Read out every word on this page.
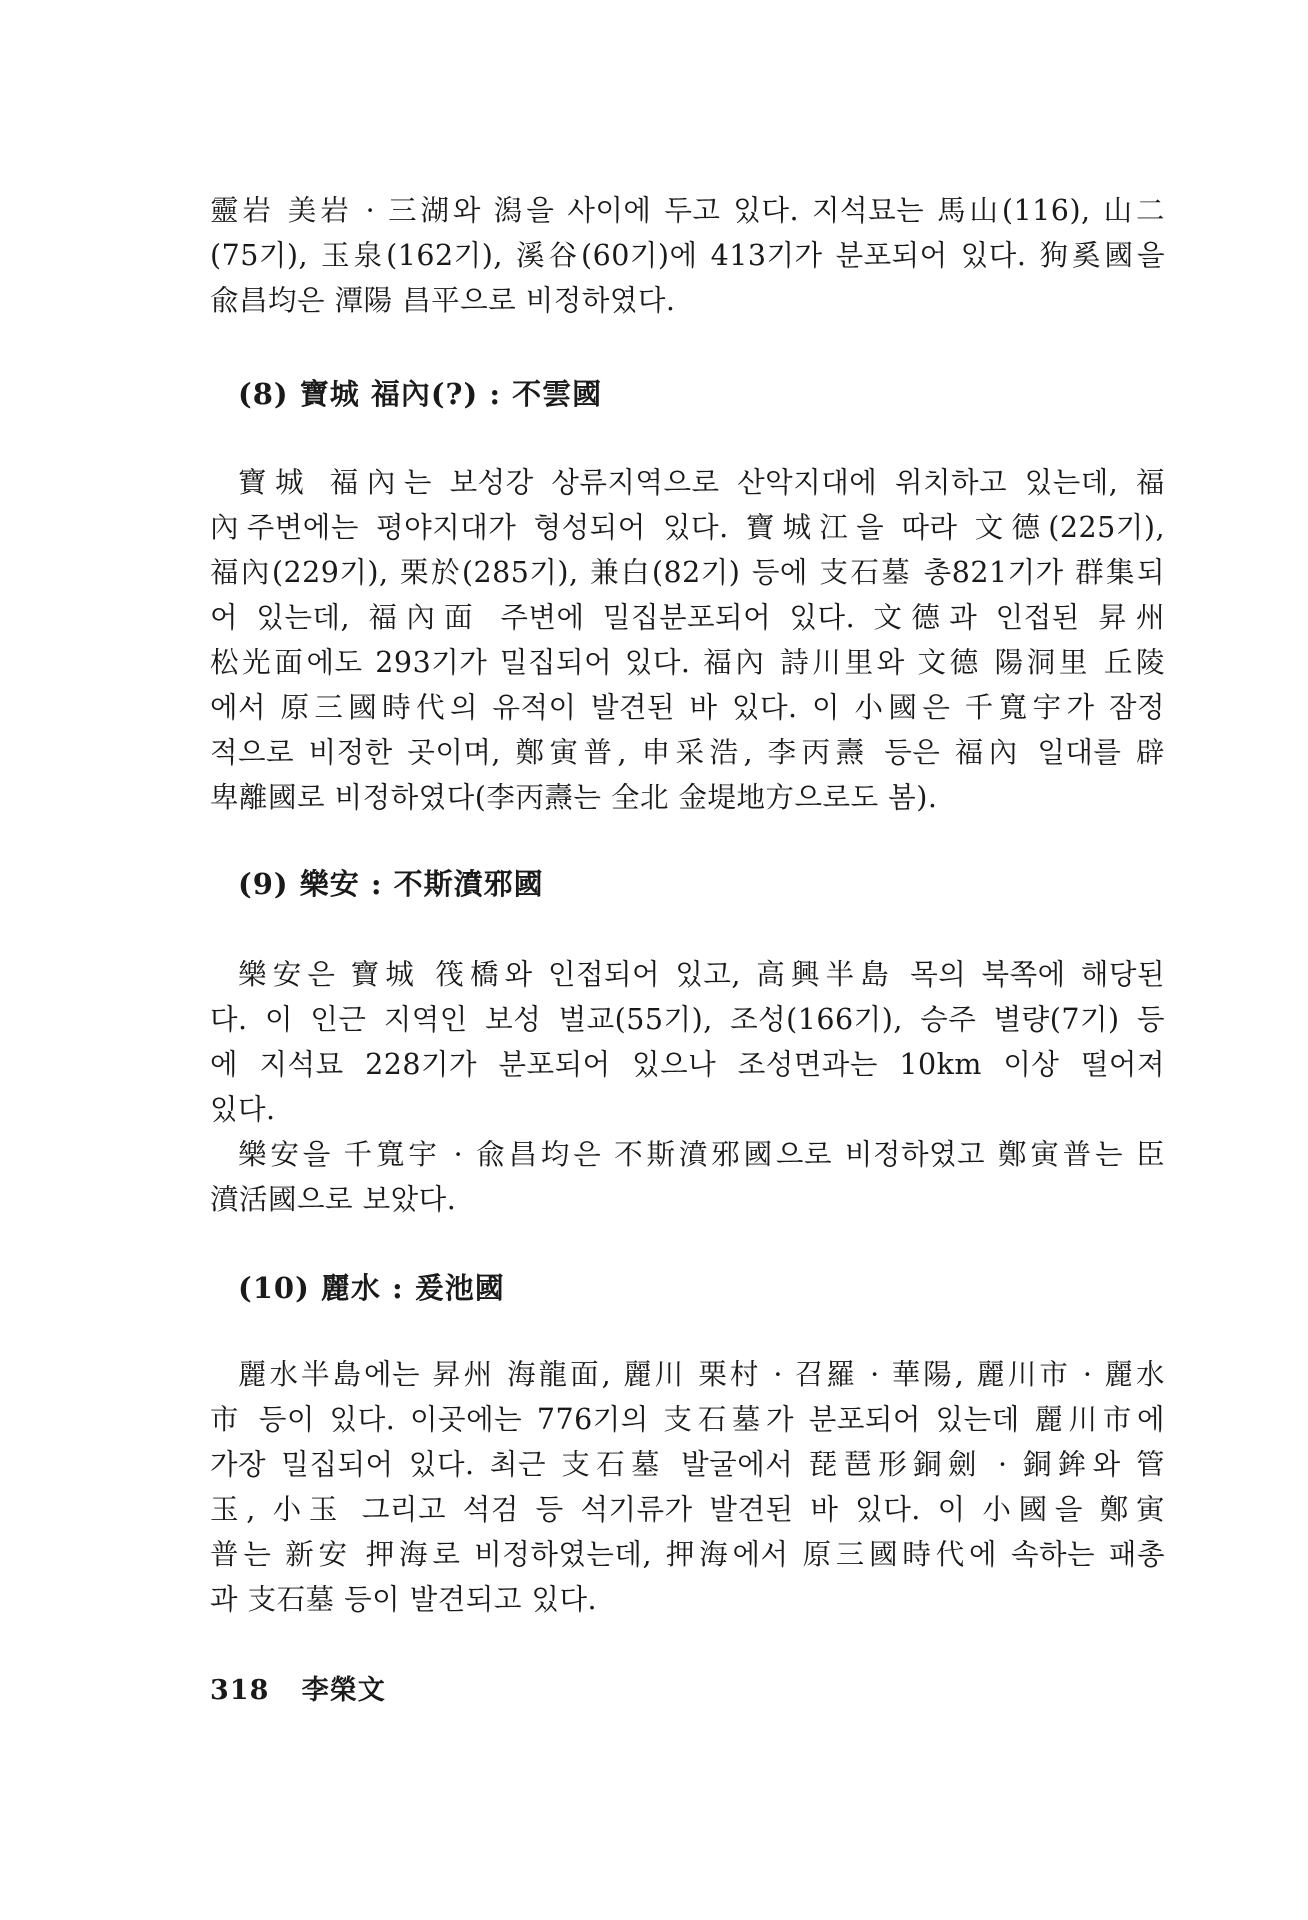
靈岩 美岩 · 三湖와 潟을 사이에 두고 있다. 지석묘는 馬山(116), 山二
(75기), 玉泉(162기), 溪谷(60기)에 413기가 분포되어 있다. 狗奚國을
兪昌均은 潭陽 昌平으로 비정하였다.
(8) 寶城 福內(?) : 不雲國
寶城 福內는 보성강 상류지역으로 산악지대에 위치하고 있는데, 福
內주변에는 평야지대가 형성되어 있다. 寶城江을 따라 文德(225기),
福內(229기), 栗於(285기), 兼白(82기) 등에 支石墓 총821기가 群集되
어 있는데, 福內面 주변에 밀집분포되어 있다. 文德과 인접된 昇州
松光面에도 293기가 밀집되어 있다. 福內 詩川里와 文德 陽洞里 丘陵
에서 原三國時代의 유적이 발견된 바 있다. 이 小國은 千寬宇가 잠정
적으로 비정한 곳이며, 鄭寅普, 申采浩, 李丙燾 등은 福內 일대를 辟
卑離國로 비정하였다(李丙燾는 全北 金堤地方으로도 봄).
(9) 樂安 : 不斯濆邪國
樂安은 寶城 筏橋와 인접되어 있고, 高興半島 목의 북쪽에 해당된
다. 이 인근 지역인 보성 벌교(55기), 조성(166기), 승주 별량(7기) 등
에 지석묘 228기가 분포되어 있으나 조성면과는 10km 이상 떨어져
있다.
樂安을 千寬宇 · 兪昌均은 不斯濆邪國으로 비정하였고 鄭寅普는 臣
濆活國으로 보았다.
(10) 麗水 : 爰池國
麗水半島에는 昇州 海龍面, 麗川 栗村 · 召羅 · 華陽, 麗川市 · 麗水
市 등이 있다. 이곳에는 776기의 支石墓가 분포되어 있는데 麗川市에
가장 밀집되어 있다. 최근 支石墓 발굴에서 琵琶形銅劍 · 銅鉾와 管
玉, 小玉 그리고 석검 등 석기류가 발견된 바 있다. 이 小國을 鄭寅
普는 新安 押海로 비정하였는데, 押海에서 原三國時代에 속하는 패총
과 支石墓 등이 발견되고 있다.
318 李榮文
